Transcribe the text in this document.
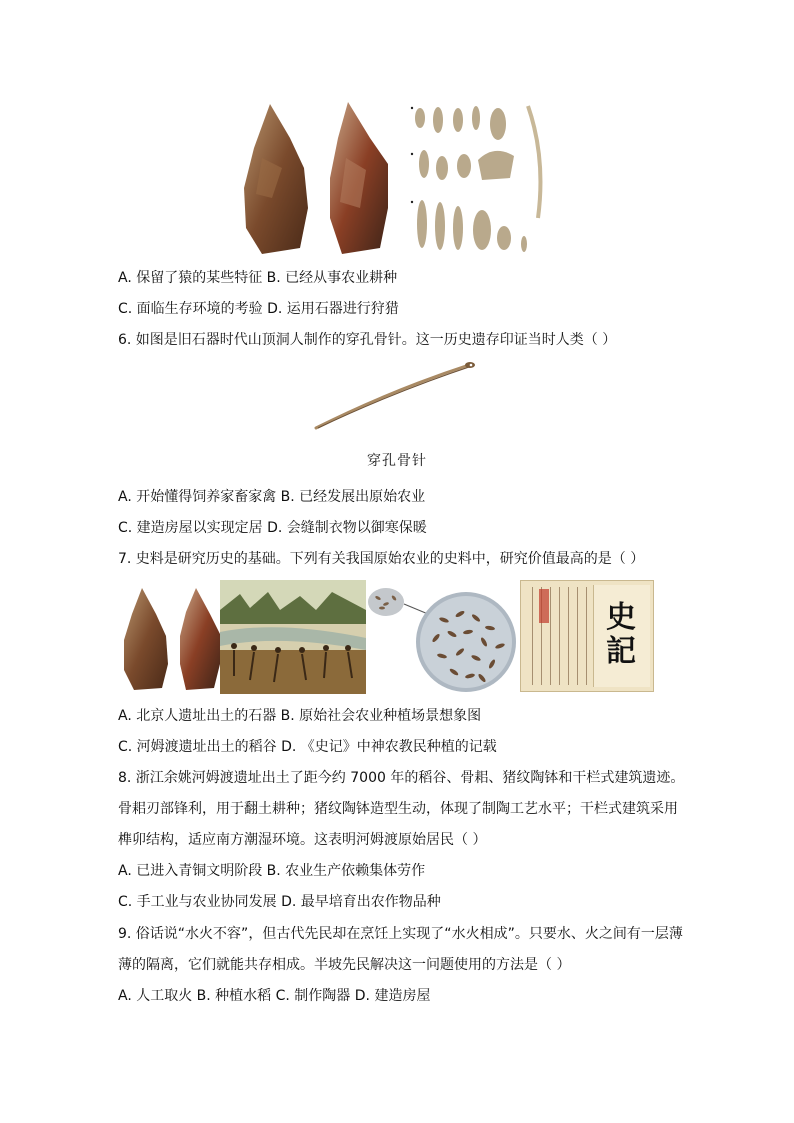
A. 保留了猿的某些特征 B. 已经从事农业耕种
C. 面临生存环境的考验 D. 运用石器进行狩猎
6. 如图是旧石器时代山顶洞人制作的穿孔骨针。这一历史遗存印证当时人类（ ）
穿孔骨针
A. 开始懂得饲养家畜家禽 B. 已经发展出原始农业
C. 建造房屋以实现定居 D. 会缝制衣物以御寒保暖
7. 史料是研究历史的基础。下列有关我国原始农业的史料中，研究价值最高的是（ ）
史記
A. 北京人遗址出土的石器 B. 原始社会农业种植场景想象图
C. 河姆渡遗址出土的稻谷 D. 《史记》中神农教民种植的记载
8. 浙江余姚河姆渡遗址出土了距今约 7000 年的稻谷、骨耜、猪纹陶钵和干栏式建筑遗迹。
骨耜刃部锋利，用于翻土耕种；猪纹陶钵造型生动，体现了制陶工艺水平；干栏式建筑采用
榫卯结构，适应南方潮湿环境。这表明河姆渡原始居民（ ）
A. 已进入青铜文明阶段 B. 农业生产依赖集体劳作
C. 手工业与农业协同发展 D. 最早培育出农作物品种
9. 俗话说“水火不容”，但古代先民却在烹饪上实现了“水火相成”。只要水、火之间有一层薄
薄的隔离，它们就能共存相成。半坡先民解决这一问题使用的方法是（ ）
A. 人工取火 B. 种植水稻 C. 制作陶器 D. 建造房屋
